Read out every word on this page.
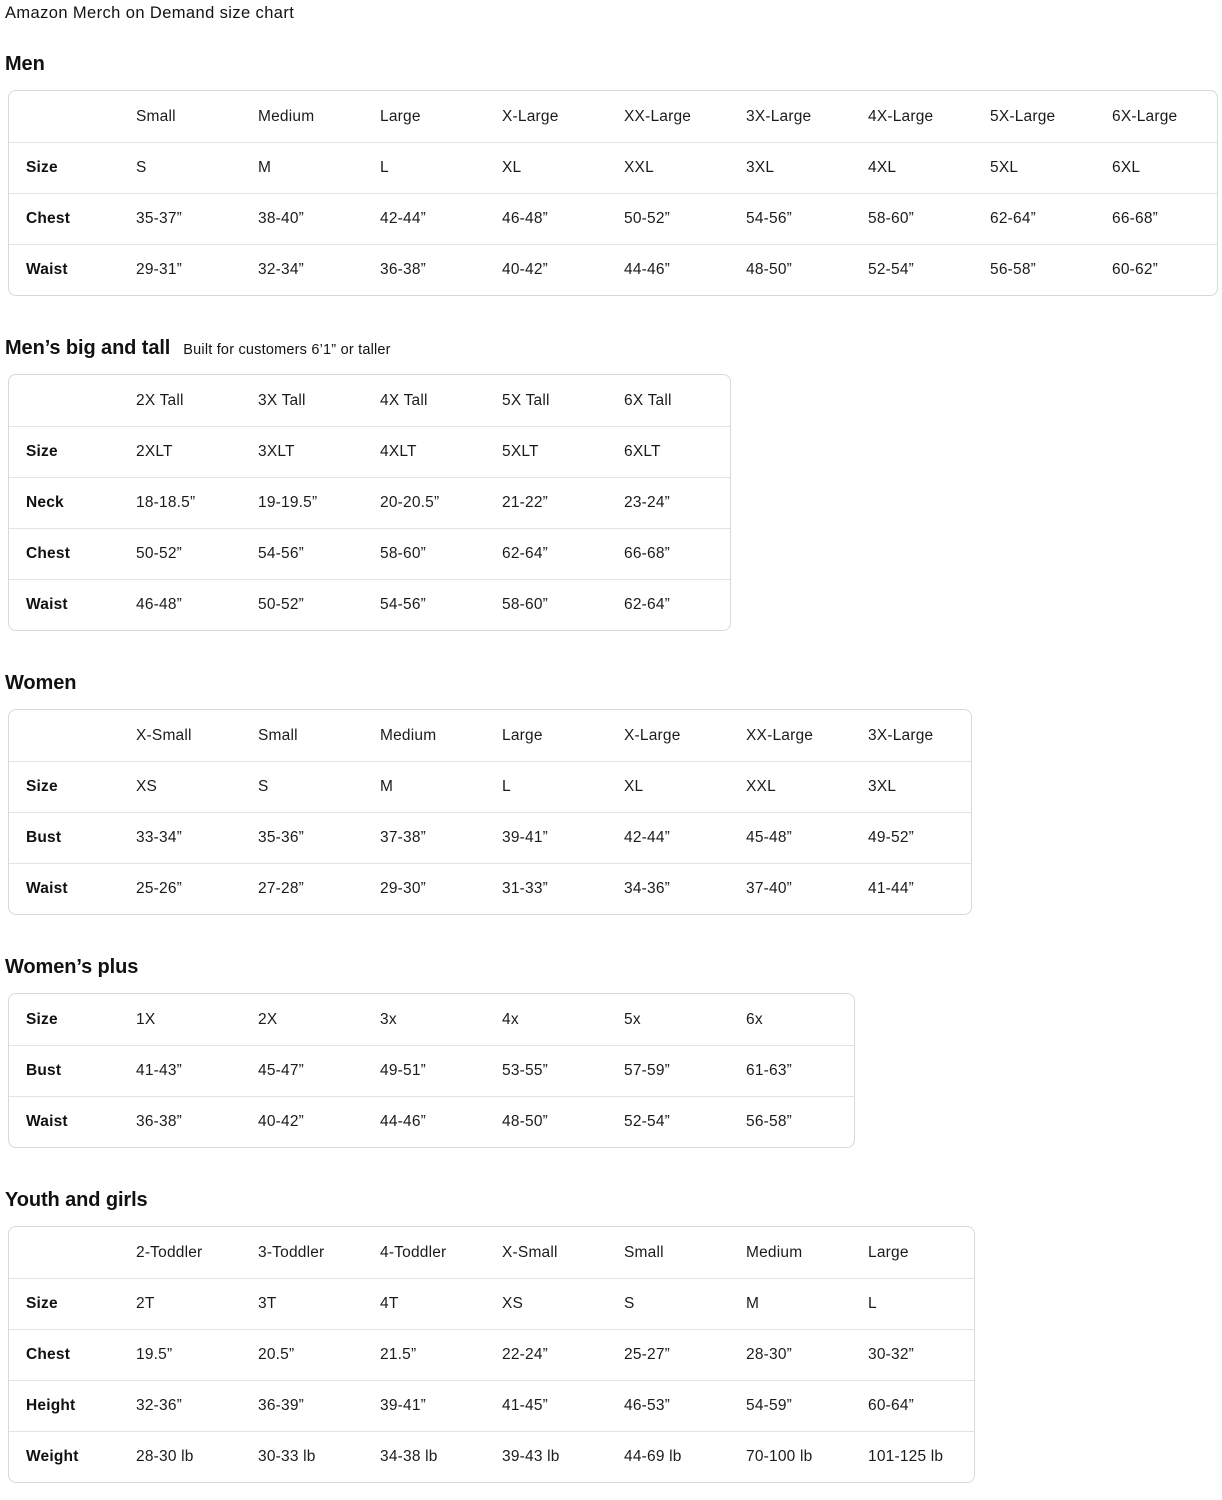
Amazon Merch on Demand size chart
Men
	Small	Medium	Large	X-Large	XX-Large	3X-Large	4X-Large	5X-Large	6X-Large
Size	S	M	L	XL	XXL	3XL	4XL	5XL	6XL
Chest	35-37”	38-40”	42-44”	46-48”	50-52”	54-56”	58-60”	62-64”	66-68”
Waist	29-31”	32-34”	36-38”	40-42”	44-46”	48-50”	52-54”	56-58”	60-62”
Men’s big and tall Built for customers 6’1” or taller
	2X Tall	3X Tall	4X Tall	5X Tall	6X Tall
Size	2XLT	3XLT	4XLT	5XLT	6XLT
Neck	18-18.5”	19-19.5”	20-20.5”	21-22”	23-24”
Chest	50-52”	54-56”	58-60”	62-64”	66-68”
Waist	46-48”	50-52”	54-56”	58-60”	62-64”
Women
	X-Small	Small	Medium	Large	X-Large	XX-Large	3X-Large
Size	XS	S	M	L	XL	XXL	3XL
Bust	33-34”	35-36”	37-38”	39-41”	42-44”	45-48”	49-52”
Waist	25-26”	27-28”	29-30”	31-33”	34-36”	37-40”	41-44”
Women’s plus
Size	1X	2X	3x	4x	5x	6x
Bust	41-43”	45-47”	49-51”	53-55”	57-59”	61-63”
Waist	36-38”	40-42”	44-46”	48-50”	52-54”	56-58”
Youth and girls
	2-Toddler	3-Toddler	4-Toddler	X-Small	Small	Medium	Large
Size	2T	3T	4T	XS	S	M	L
Chest	19.5”	20.5”	21.5”	22-24”	25-27”	28-30”	30-32”
Height	32-36”	36-39”	39-41”	41-45”	46-53”	54-59”	60-64”
Weight	28-30 lb	30-33 lb	34-38 lb	39-43 lb	44-69 lb	70-100 lb	101-125 lb
